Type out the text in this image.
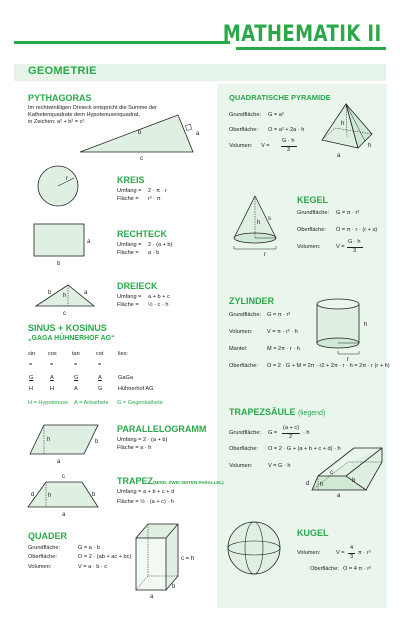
MATHEMATIK II
GEOMETRIE
PYTHAGORAS
Im rechtwinkligen Dreieck entspricht die Summe der
Kathetenquadrate dem Hypotenusenquadrat,
in Zeichen: a² + b² = c²
a
b
c
r	KREIS
Umfang = 2 · π · r
Fläche = r² · π
a
b
RECHTECK
Umfang = 2 · (a + b)
Fläche = a · b
b	a
h
c
DREIECK
Umfang = a + b + c
Fläche = ½ · c · h
SINUS + KOSINUS
„GAGA HÜHNERHOF AG“
sin cos	tan	cot	lies:
=	=	=	=
G	A	G	A	GaGa
H	H	A	G	Hühnerhof AG
H = Hypotenuse A = Ankathete G = Gegenkathete
h	b
a
PARALLELOGRAMM
Umfang = 2 · (a + b)
Fläche = a · h
c
d h	b
a
TRAPEZ(MIND. ZWEI SEITEN PARALLEL)
Umfang = a + b + c + d
Fläche = ½ · (a + c) · h
QUADER
Grundfläche:	G = a · b
Oberfläche:	O = 2 · (ab + ac + bc)
Volumen:	V = a · b · c
c = h
a
b
QUADRATISCHE PYRAMIDE
Grundfläche: G = a²
Oberfläche: O = a² + 2a · h
Volumen: V =
G · h
3
h
h
a
KEGEL
Grundfläche: G = π · r²
Oberfläche: O = π · r · (r + s)
Volumen:	V =
G · h
3
h
s
r
ZYLINDER
Grundfläche: G = π · r²
Volumen:	V = π · r² · h
Mantel:	M = 2π · r · h
Oberfläche: O = 2 · G + M = 2π · r2 + 2π · r · h = 2π · r (r + h)
h
r
TRAPEZSÄULE (liegend)
Grundfläche: G =
(a + c)
2
· h
Oberfläche: O = 2 · G + (a + b + c + d) · h
Volumen:	V = G · h
c
d h
b
a
KUGEL
Volumen:	V =
4
3
π · r³
Oberfläche: O = 4 π · r²
